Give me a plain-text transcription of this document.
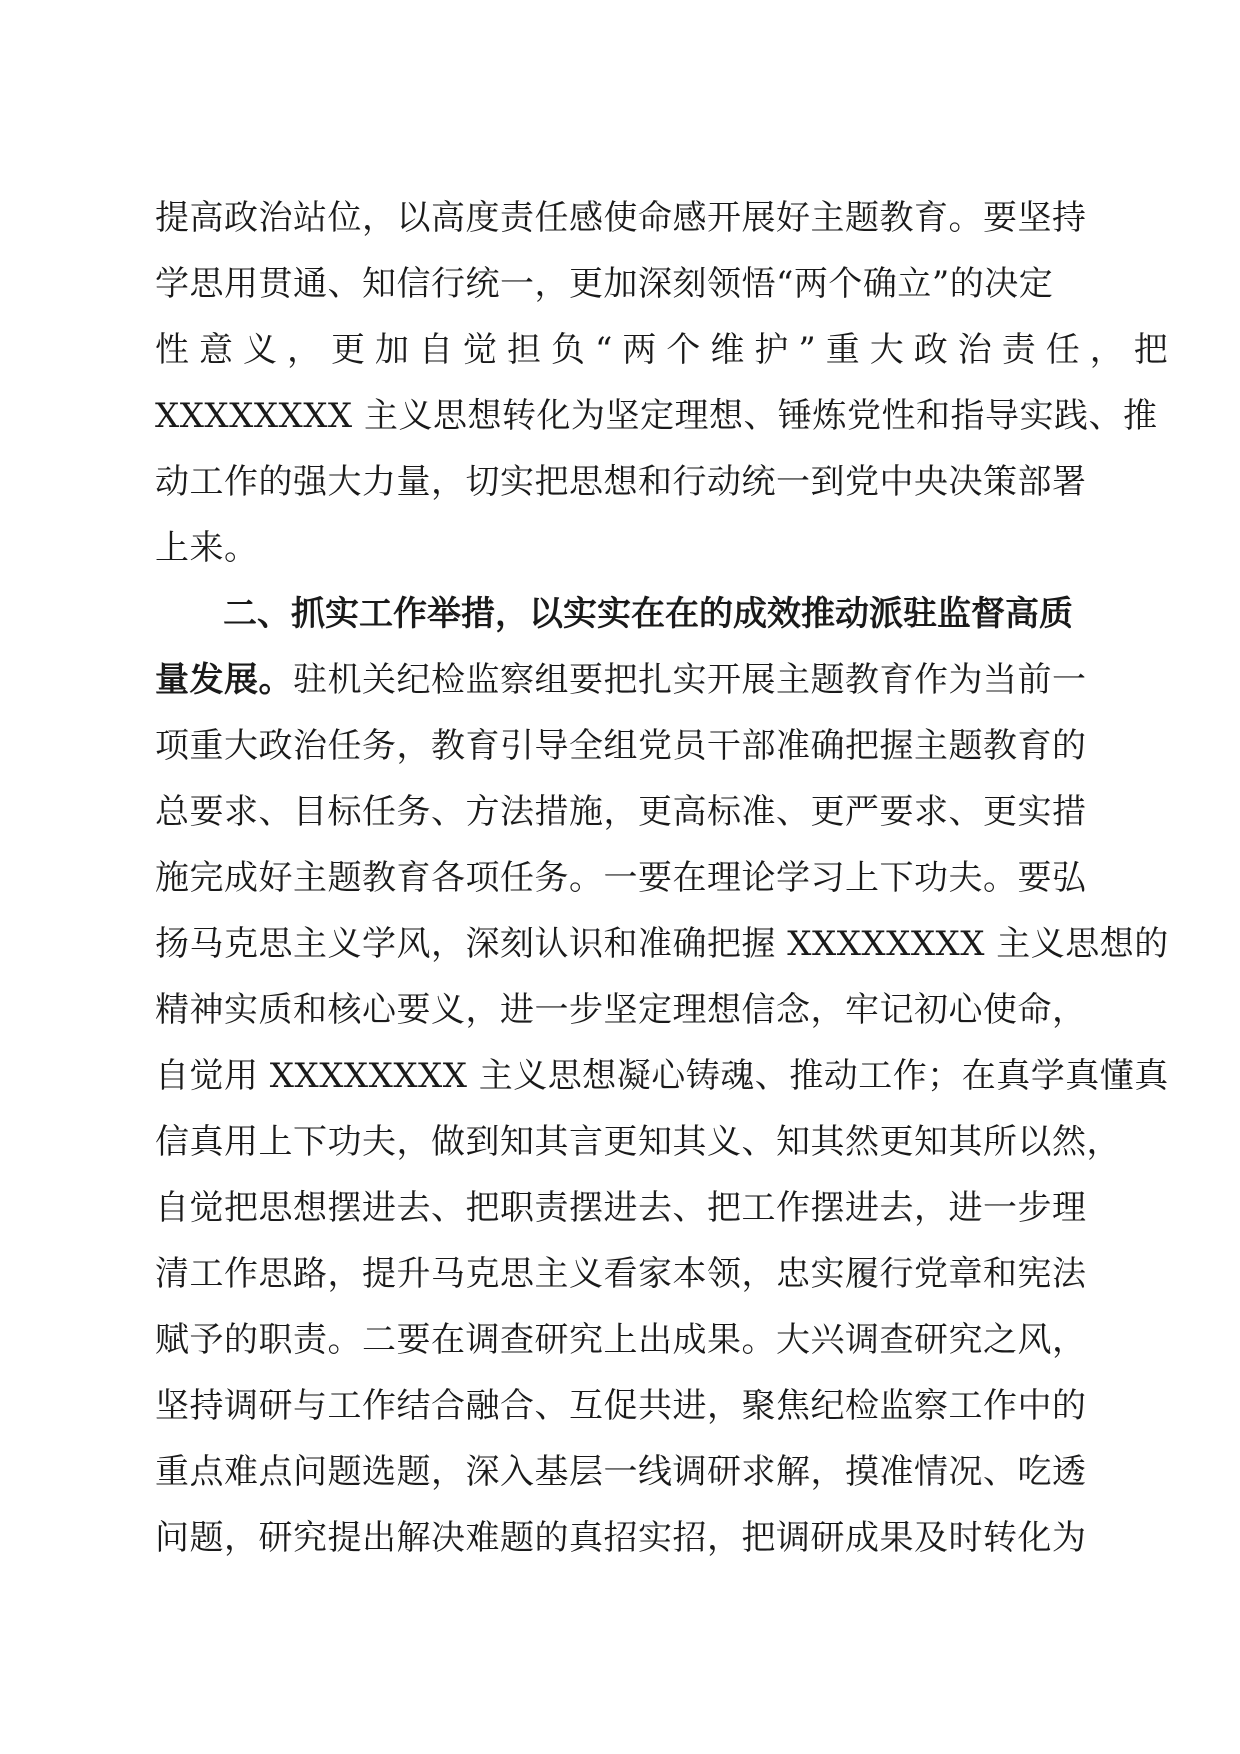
提高政治站位，以高度责任感使命感开展好主题教育。要坚持
学思用贯通、知信行统一，更加深刻领悟“两个确立”的决定
性意义，更加自觉担负“两个维护”重大政治责任，把
XXXXXXXX 主义思想转化为坚定理想、锤炼党性和指导实践、推
动工作的强大力量，切实把思想和行动统一到党中央决策部署
上来。
二、抓实工作举措，以实实在在的成效推动派驻监督高质
量发展。驻机关纪检监察组要把扎实开展主题教育作为当前一
项重大政治任务，教育引导全组党员干部准确把握主题教育的
总要求、目标任务、方法措施，更高标准、更严要求、更实措
施完成好主题教育各项任务。一要在理论学习上下功夫。要弘
扬马克思主义学风，深刻认识和准确把握 XXXXXXXX 主义思想的
精神实质和核心要义，进一步坚定理想信念，牢记初心使命，
自觉用 XXXXXXXX 主义思想凝心铸魂、推动工作；在真学真懂真
信真用上下功夫，做到知其言更知其义、知其然更知其所以然，
自觉把思想摆进去、把职责摆进去、把工作摆进去，进一步理
清工作思路，提升马克思主义看家本领，忠实履行党章和宪法
赋予的职责。二要在调查研究上出成果。大兴调查研究之风，
坚持调研与工作结合融合、互促共进，聚焦纪检监察工作中的
重点难点问题选题，深入基层一线调研求解，摸准情况、吃透
问题，研究提出解决难题的真招实招，把调研成果及时转化为
